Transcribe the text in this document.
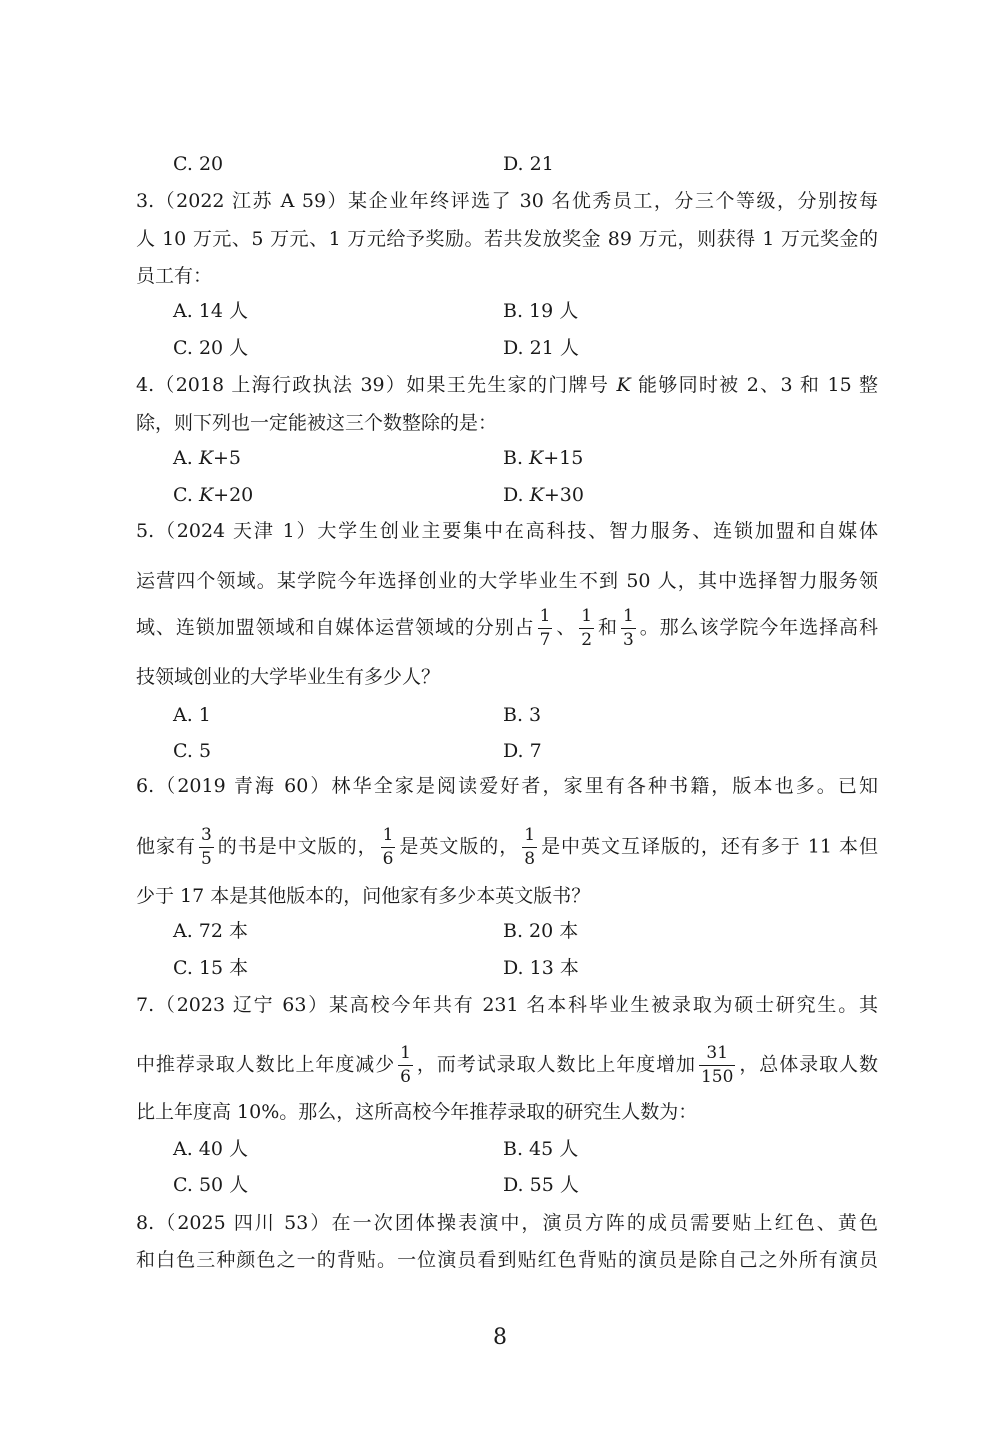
C. 20	D. 21
3.（2022 江苏 A 59）某企业年终评选了 30 名优秀员工，分三个等级，分别按每
人 10 万元、5 万元、1 万元给予奖励。若共发放奖金 89 万元，则获得 1 万元奖金的
员工有：
A. 14 人	B. 19 人
C. 20 人	D. 21 人
4.（2018 上海行政执法 39）如果王先生家的门牌号 K 能够同时被 2、3 和 15 整
除，则下列也一定能被这三个数整除的是：
A. K+5	B. K+15
C. K+20	D. K+30
5.（2024 天津 1）大学生创业主要集中在高科技、智力服务、连锁加盟和自媒体
运营四个领域。某学院今年选择创业的大学毕业生不到 50 人，其中选择智力服务领
域、连锁加盟领域和自媒体运营领域的分别占 $\frac{1}{7}$ 、 $\frac{1}{2}$ 和 $\frac{1}{3}$ 。那么该学院今年选择高科
技领域创业的大学毕业生有多少人？
A. 1	B. 3
C. 5	D. 7
6.（2019 青海 60）林华全家是阅读爱好者，家里有各种书籍，版本也多。已知
他家有 $\frac{3}{5}$ 的书是中文版的， $\frac{1}{6}$ 是英文版的， $\frac{1}{8}$ 是中英文互译版的，还有多于 11 本但
少于 17 本是其他版本的，问他家有多少本英文版书？
A. 72 本	B. 20 本
C. 15 本	D. 13 本
7.（2023 辽宁 63）某高校今年共有 231 名本科毕业生被录取为硕士研究生。其
中推荐录取人数比上年度减少 $\frac{1}{6}$ ，而考试录取人数比上年度增加 $\frac{31}{150}$ ，总体录取人数
比上年度高 10%。那么，这所高校今年推荐录取的研究生人数为：
A. 40 人	B. 45 人
C. 50 人	D. 55 人
8.（2025 四川 53）在一次团体操表演中，演员方阵的成员需要贴上红色、黄色
和白色三种颜色之一的背贴。一位演员看到贴红色背贴的演员是除自己之外所有演员
8
